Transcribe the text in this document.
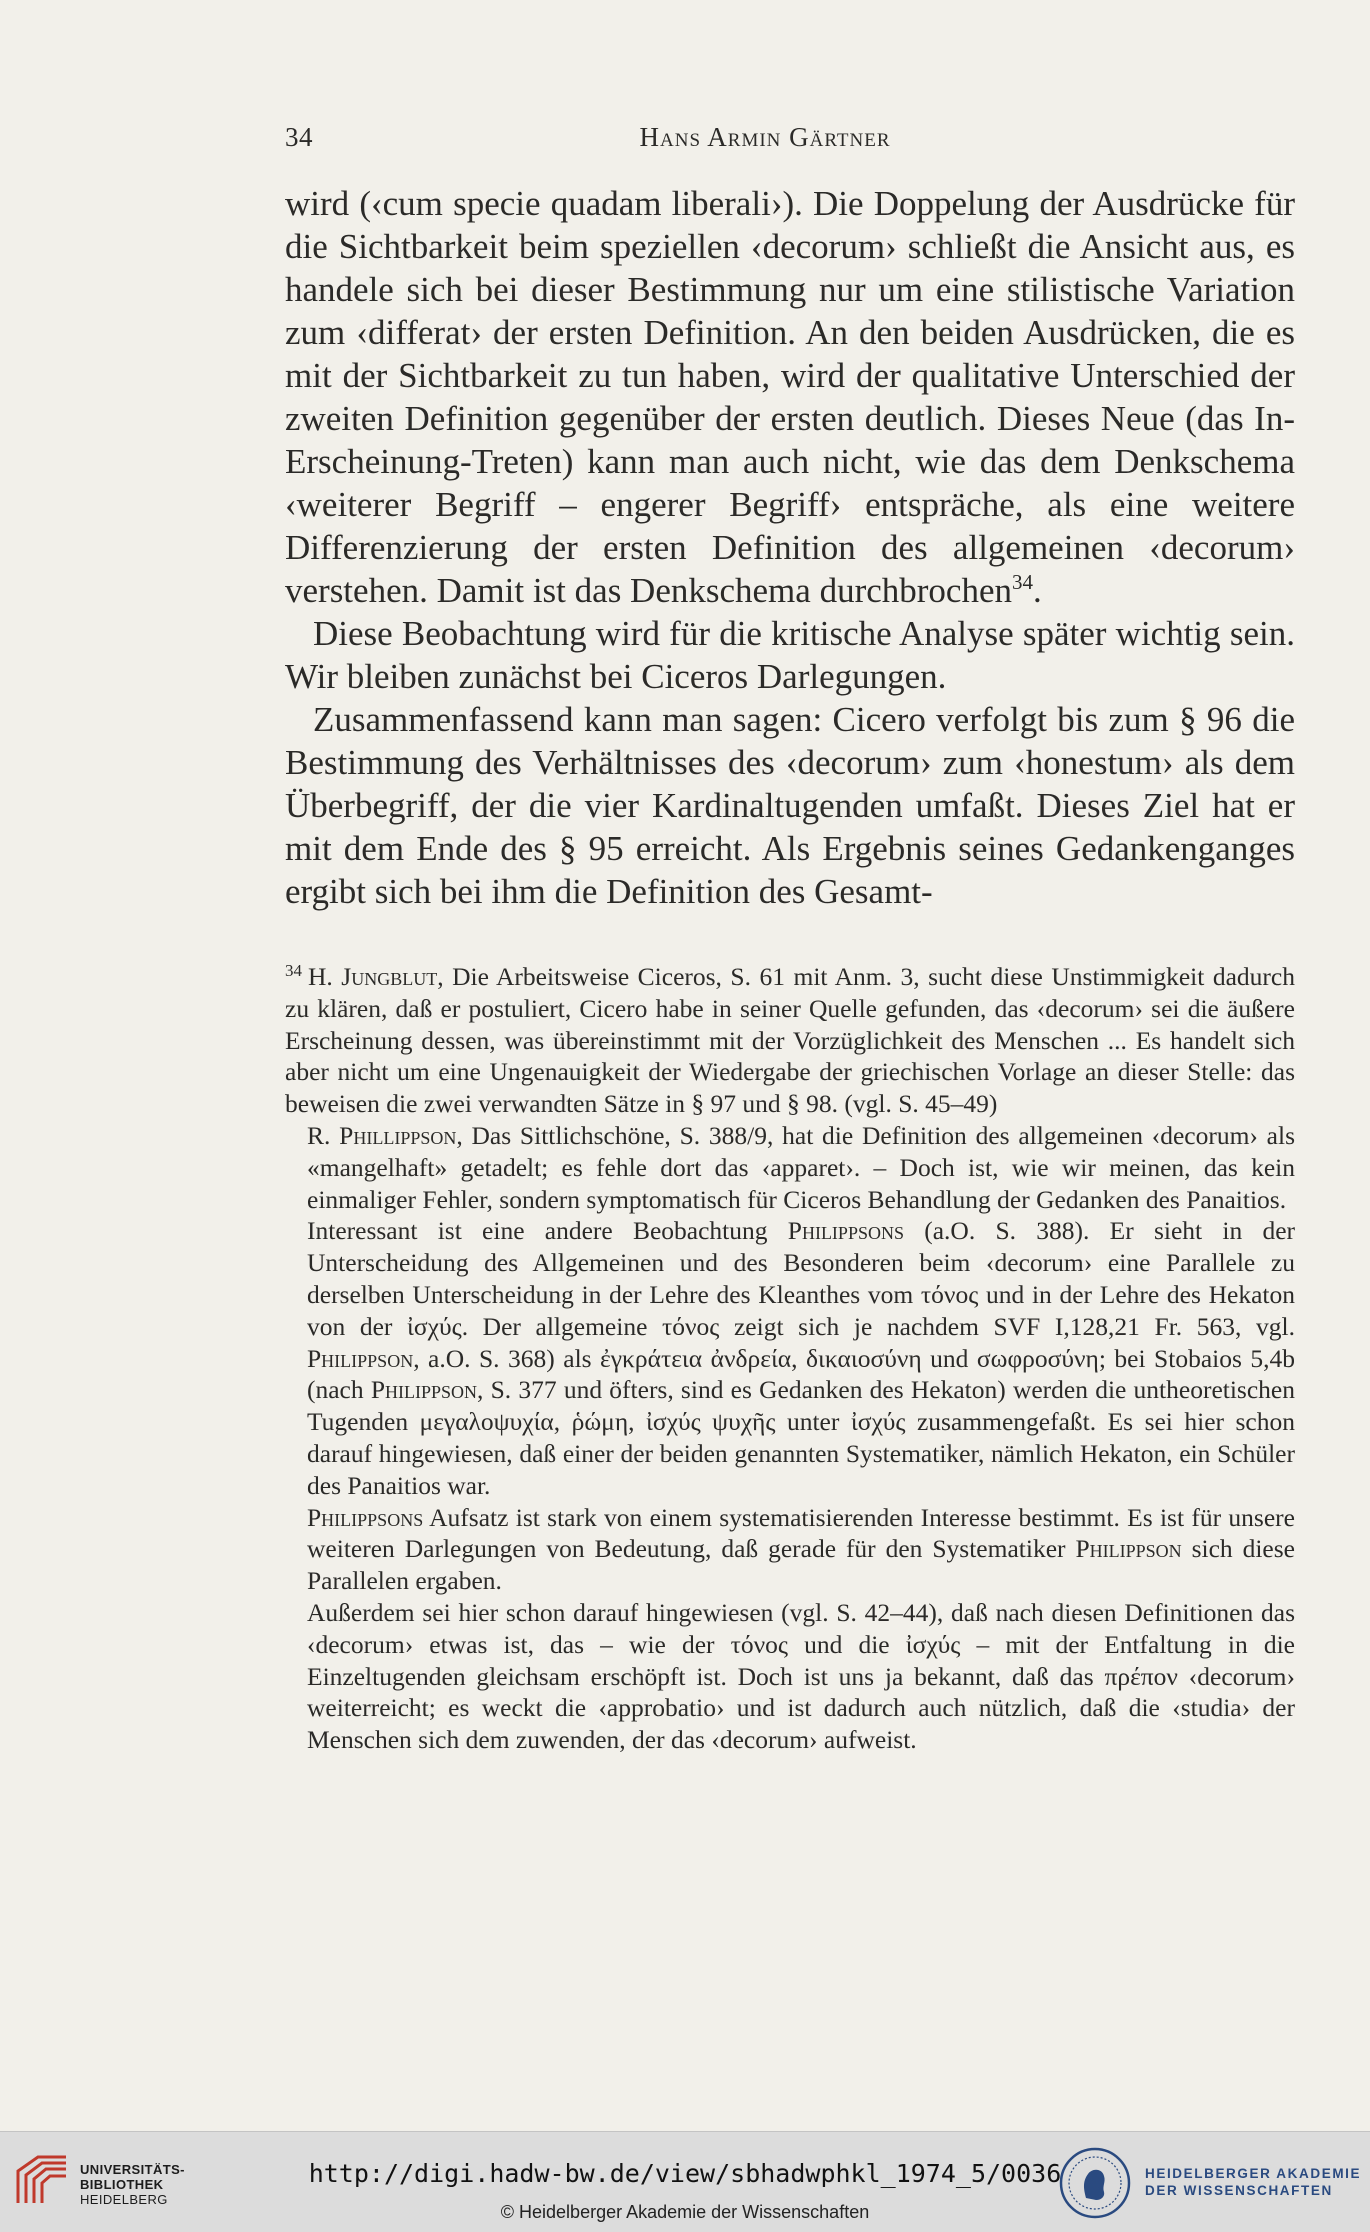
34	Hans Armin Gärtner

wird (‹cum specie quadam liberali›). Die Doppelung der Ausdrücke für die Sichtbarkeit beim speziellen ‹decorum› schließt die Ansicht aus, es handele sich bei dieser Bestimmung nur um eine stilistische Variation zum ‹differat› der ersten Definition. An den beiden Ausdrücken, die es mit der Sichtbarkeit zu tun haben, wird der qualitative Unterschied der zweiten Definition gegenüber der ersten deutlich. Dieses Neue (das In-Erscheinung-Treten) kann man auch nicht, wie das dem Denkschema ‹weiterer Begriff – engerer Begriff› entspräche, als eine weitere Differenzierung der ersten Definition des allgemeinen ‹decorum› verstehen. Damit ist das Denkschema durchbrochen$^{34}$.

Diese Beobachtung wird für die kritische Analyse später wichtig sein. Wir bleiben zunächst bei Ciceros Darlegungen.

Zusammenfassend kann man sagen: Cicero verfolgt bis zum § 96 die Bestimmung des Verhältnisses des ‹decorum› zum ‹honestum› als dem Überbegriff, der die vier Kardinaltugenden umfaßt. Dieses Ziel hat er mit dem Ende des § 95 erreicht. Als Ergebnis seines Gedankenganges ergibt sich bei ihm die Definition des Gesamt-

$^{34}$ H. Jungblut, Die Arbeitsweise Ciceros, S. 61 mit Anm. 3, sucht diese Unstimmigkeit dadurch zu klären, daß er postuliert, Cicero habe in seiner Quelle gefunden, das ‹decorum› sei die äußere Erscheinung dessen, was übereinstimmt mit der Vorzüglichkeit des Menschen ... Es handelt sich aber nicht um eine Ungenauigkeit der Wiedergabe der griechischen Vorlage an dieser Stelle: das beweisen die zwei verwandten Sätze in § 97 und § 98. (vgl. S. 45–49)

R. Phillippson, Das Sittlichschöne, S. 388/9, hat die Definition des allgemeinen ‹decorum› als «mangelhaft» getadelt; es fehle dort das ‹apparet›. – Doch ist, wie wir meinen, das kein einmaliger Fehler, sondern symptomatisch für Ciceros Behandlung der Gedanken des Panaitios.

Interessant ist eine andere Beobachtung Philippsons (a.O. S. 388). Er sieht in der Unterscheidung des Allgemeinen und des Besonderen beim ‹decorum› eine Parallele zu derselben Unterscheidung in der Lehre des Kleanthes vom τόνος und in der Lehre des Hekaton von der ἰσχύς. Der allgemeine τόνος zeigt sich je nachdem SVF I,128,21 Fr. 563, vgl. Philippson, a.O. S. 368) als ἐγκράτεια ἀνδρεία, δικαιοσύνη und σωφροσύνη; bei Stobaios 5,4b (nach Philippson, S. 377 und öfters, sind es Gedanken des Hekaton) werden die untheoretischen Tugenden μεγαλοψυχία, ῥώμη, ἰσχύς ψυχῆς unter ἰσχύς zusammengefaßt. Es sei hier schon darauf hingewiesen, daß einer der beiden genannten Systematiker, nämlich Hekaton, ein Schüler des Panaitios war.

Philippsons Aufsatz ist stark von einem systematisierenden Interesse bestimmt. Es ist für unsere weiteren Darlegungen von Bedeutung, daß gerade für den Systematiker Philippson sich diese Parallelen ergaben.

Außerdem sei hier schon darauf hingewiesen (vgl. S. 42–44), daß nach diesen Definitionen das ‹decorum› etwas ist, das – wie der τόνος und die ἰσχύς – mit der Entfaltung in die Einzeltugenden gleichsam erschöpft ist. Doch ist uns ja bekannt, daß das πρέπον ‹decorum› weiterreicht; es weckt die ‹approbatio› und ist dadurch auch nützlich, daß die ‹studia› der Menschen sich dem zuwenden, der das ‹decorum› aufweist.

UNIVERSITÄTS-
BIBLIOTHEK
HEIDELBERG
http://digi.hadw-bw.de/view/sbhadwphkl_1974_5/0036
© Heidelberger Akademie der Wissenschaften
HEIDELBERGER AKADEMIE
DER WISSENSCHAFTEN
